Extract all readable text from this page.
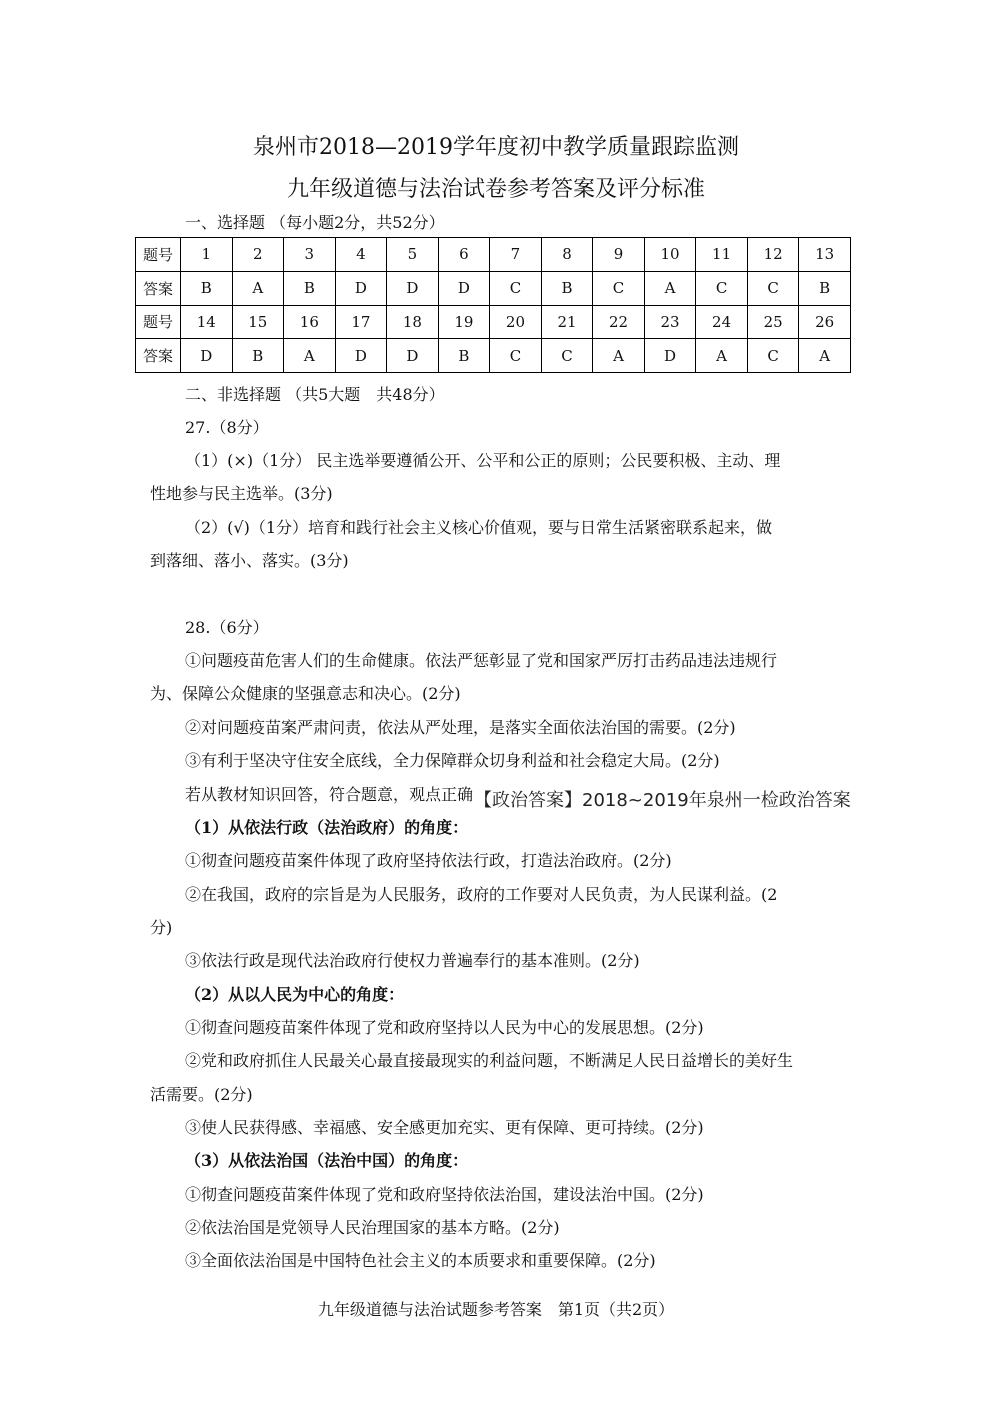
泉州市2018—2019学年度初中教学质量跟踪监测
九年级道德与法治试卷参考答案及评分标准
一、选择题 （每小题2分，共52分）
题号	1	2	3	4	5	6	7	8	9	10	11	12	13
答案	B	A	B	D	D	D	C	B	C	A	C	C	B
题号	14	15	16	17	18	19	20	21	22	23	24	25	26
答案	D	B	A	D	D	B	C	C	A	D	A	C	A
二、非选择题 （共5大题　共48分）
27.（8分）
（1）(×)（1分） 民主选举要遵循公开、公平和公正的原则；公民要积极、主动、理
性地参与民主选举。(3分)
（2）(√)（1分）培育和践行社会主义核心价值观，要与日常生活紧密联系起来，做
到落细、落小、落实。(3分)
28.（6分）
①问题疫苗危害人们的生命健康。依法严惩彰显了党和国家严厉打击药品违法违规行
为、保障公众健康的坚强意志和决心。(2分)
②对问题疫苗案严肃问责，依法从严处理，是落实全面依法治国的需要。(2分)
③有利于坚决守住安全底线，全力保障群众切身利益和社会稳定大局。(2分)
若从教材知识回答，符合题意，观点正确 【政治答案】2018~2019年泉州一检政治答案
（1）从依法行政（法治政府）的角度：
①彻查问题疫苗案件体现了政府坚持依法行政，打造法治政府。(2分)
②在我国，政府的宗旨是为人民服务，政府的工作要对人民负责，为人民谋利益。(2
分)
③依法行政是现代法治政府行使权力普遍奉行的基本准则。(2分)
（2）从以人民为中心的角度：
①彻查问题疫苗案件体现了党和政府坚持以人民为中心的发展思想。(2分)
②党和政府抓住人民最关心最直接最现实的利益问题，不断满足人民日益增长的美好生
活需要。(2分)
③使人民获得感、幸福感、安全感更加充实、更有保障、更可持续。(2分)
（3）从依法治国（法治中国）的角度：
①彻查问题疫苗案件体现了党和政府坚持依法治国，建设法治中国。(2分)
②依法治国是党领导人民治理国家的基本方略。(2分)
③全面依法治国是中国特色社会主义的本质要求和重要保障。(2分)
九年级道德与法治试题参考答案　第1页（共2页）
